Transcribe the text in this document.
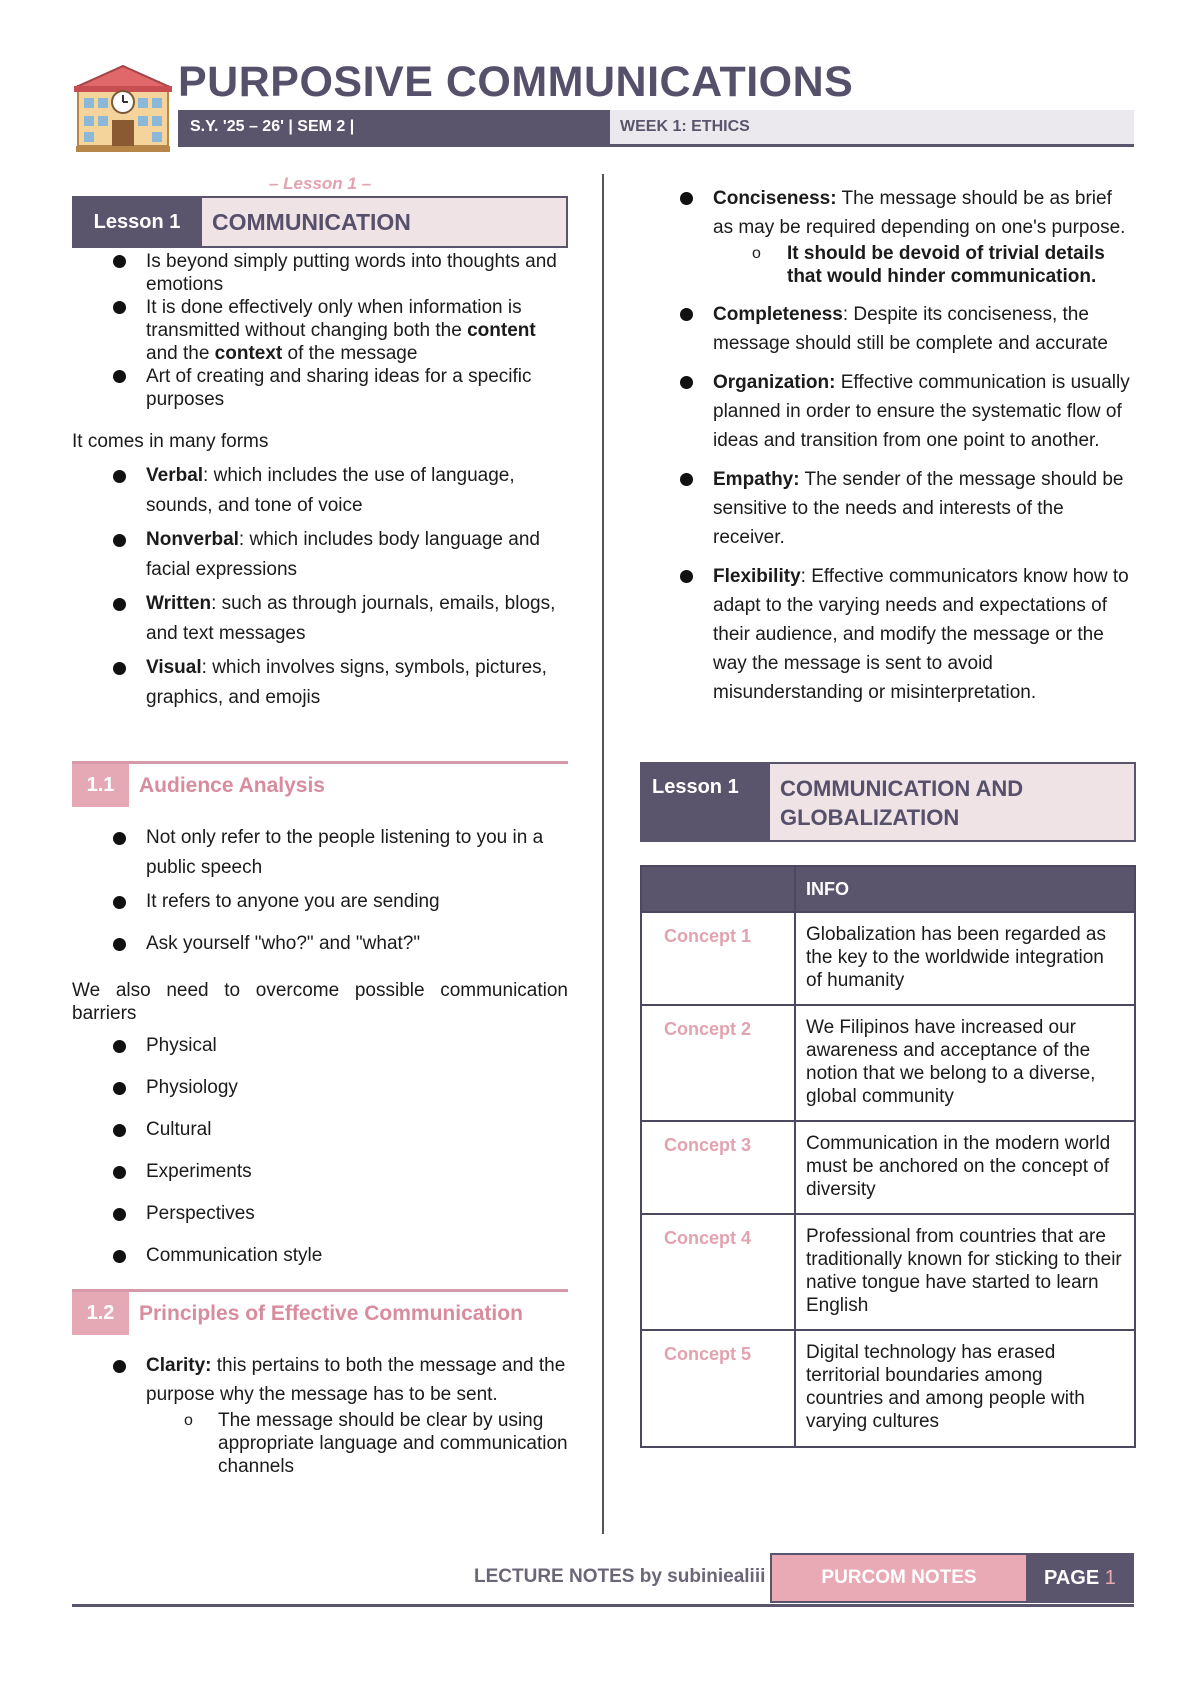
PURPOSIVE COMMUNICATIONS
S.Y. '25 – 26' | SEM 2 |	WEEK 1: ETHICS
– Lesson 1 –
Lesson 1	COMMUNICATION
Is beyond simply putting words into thoughts and emotions
It is done effectively only when information is transmitted without changing both the content and the context of the message
Art of creating and sharing ideas for a specific purposes
It comes in many forms
Verbal: which includes the use of language, sounds, and tone of voice
Nonverbal: which includes body language and facial expressions
Written: such as through journals, emails, blogs, and text messages
Visual: which involves signs, symbols, pictures, graphics, and emojis
1.1	Audience Analysis
Not only refer to the people listening to you in a public speech
It refers to anyone you are sending
Ask yourself "who?" and "what?"
We also need to overcome possible communication barriers
Physical
Physiology
Cultural
Experiments
Perspectives
Communication style
1.2	Principles of Effective Communication
Clarity: this pertains to both the message and the purpose why the message has to be sent.
o The message should be clear by using appropriate language and communication channels
Conciseness: The message should be as brief as may be required depending on one's purpose.
o It should be devoid of trivial details that would hinder communication.
Completeness: Despite its conciseness, the message should still be complete and accurate
Organization: Effective communication is usually planned in order to ensure the systematic flow of ideas and transition from one point to another.
Empathy: The sender of the message should be sensitive to the needs and interests of the receiver.
Flexibility: Effective communicators know how to adapt to the varying needs and expectations of their audience, and modify the message or the way the message is sent to avoid misunderstanding or misinterpretation.
Lesson 1	COMMUNICATION AND GLOBALIZATION
	INFO
Concept 1	Globalization has been regarded as the key to the worldwide integration of humanity
Concept 2	We Filipinos have increased our awareness and acceptance of the notion that we belong to a diverse, global community
Concept 3	Communication in the modern world must be anchored on the concept of diversity
Concept 4	Professional from countries that are traditionally known for sticking to their native tongue have started to learn English
Concept 5	Digital technology has erased territorial boundaries among countries and among people with varying cultures
LECTURE NOTES by subiniealiii	PURCOM NOTES	PAGE 1
